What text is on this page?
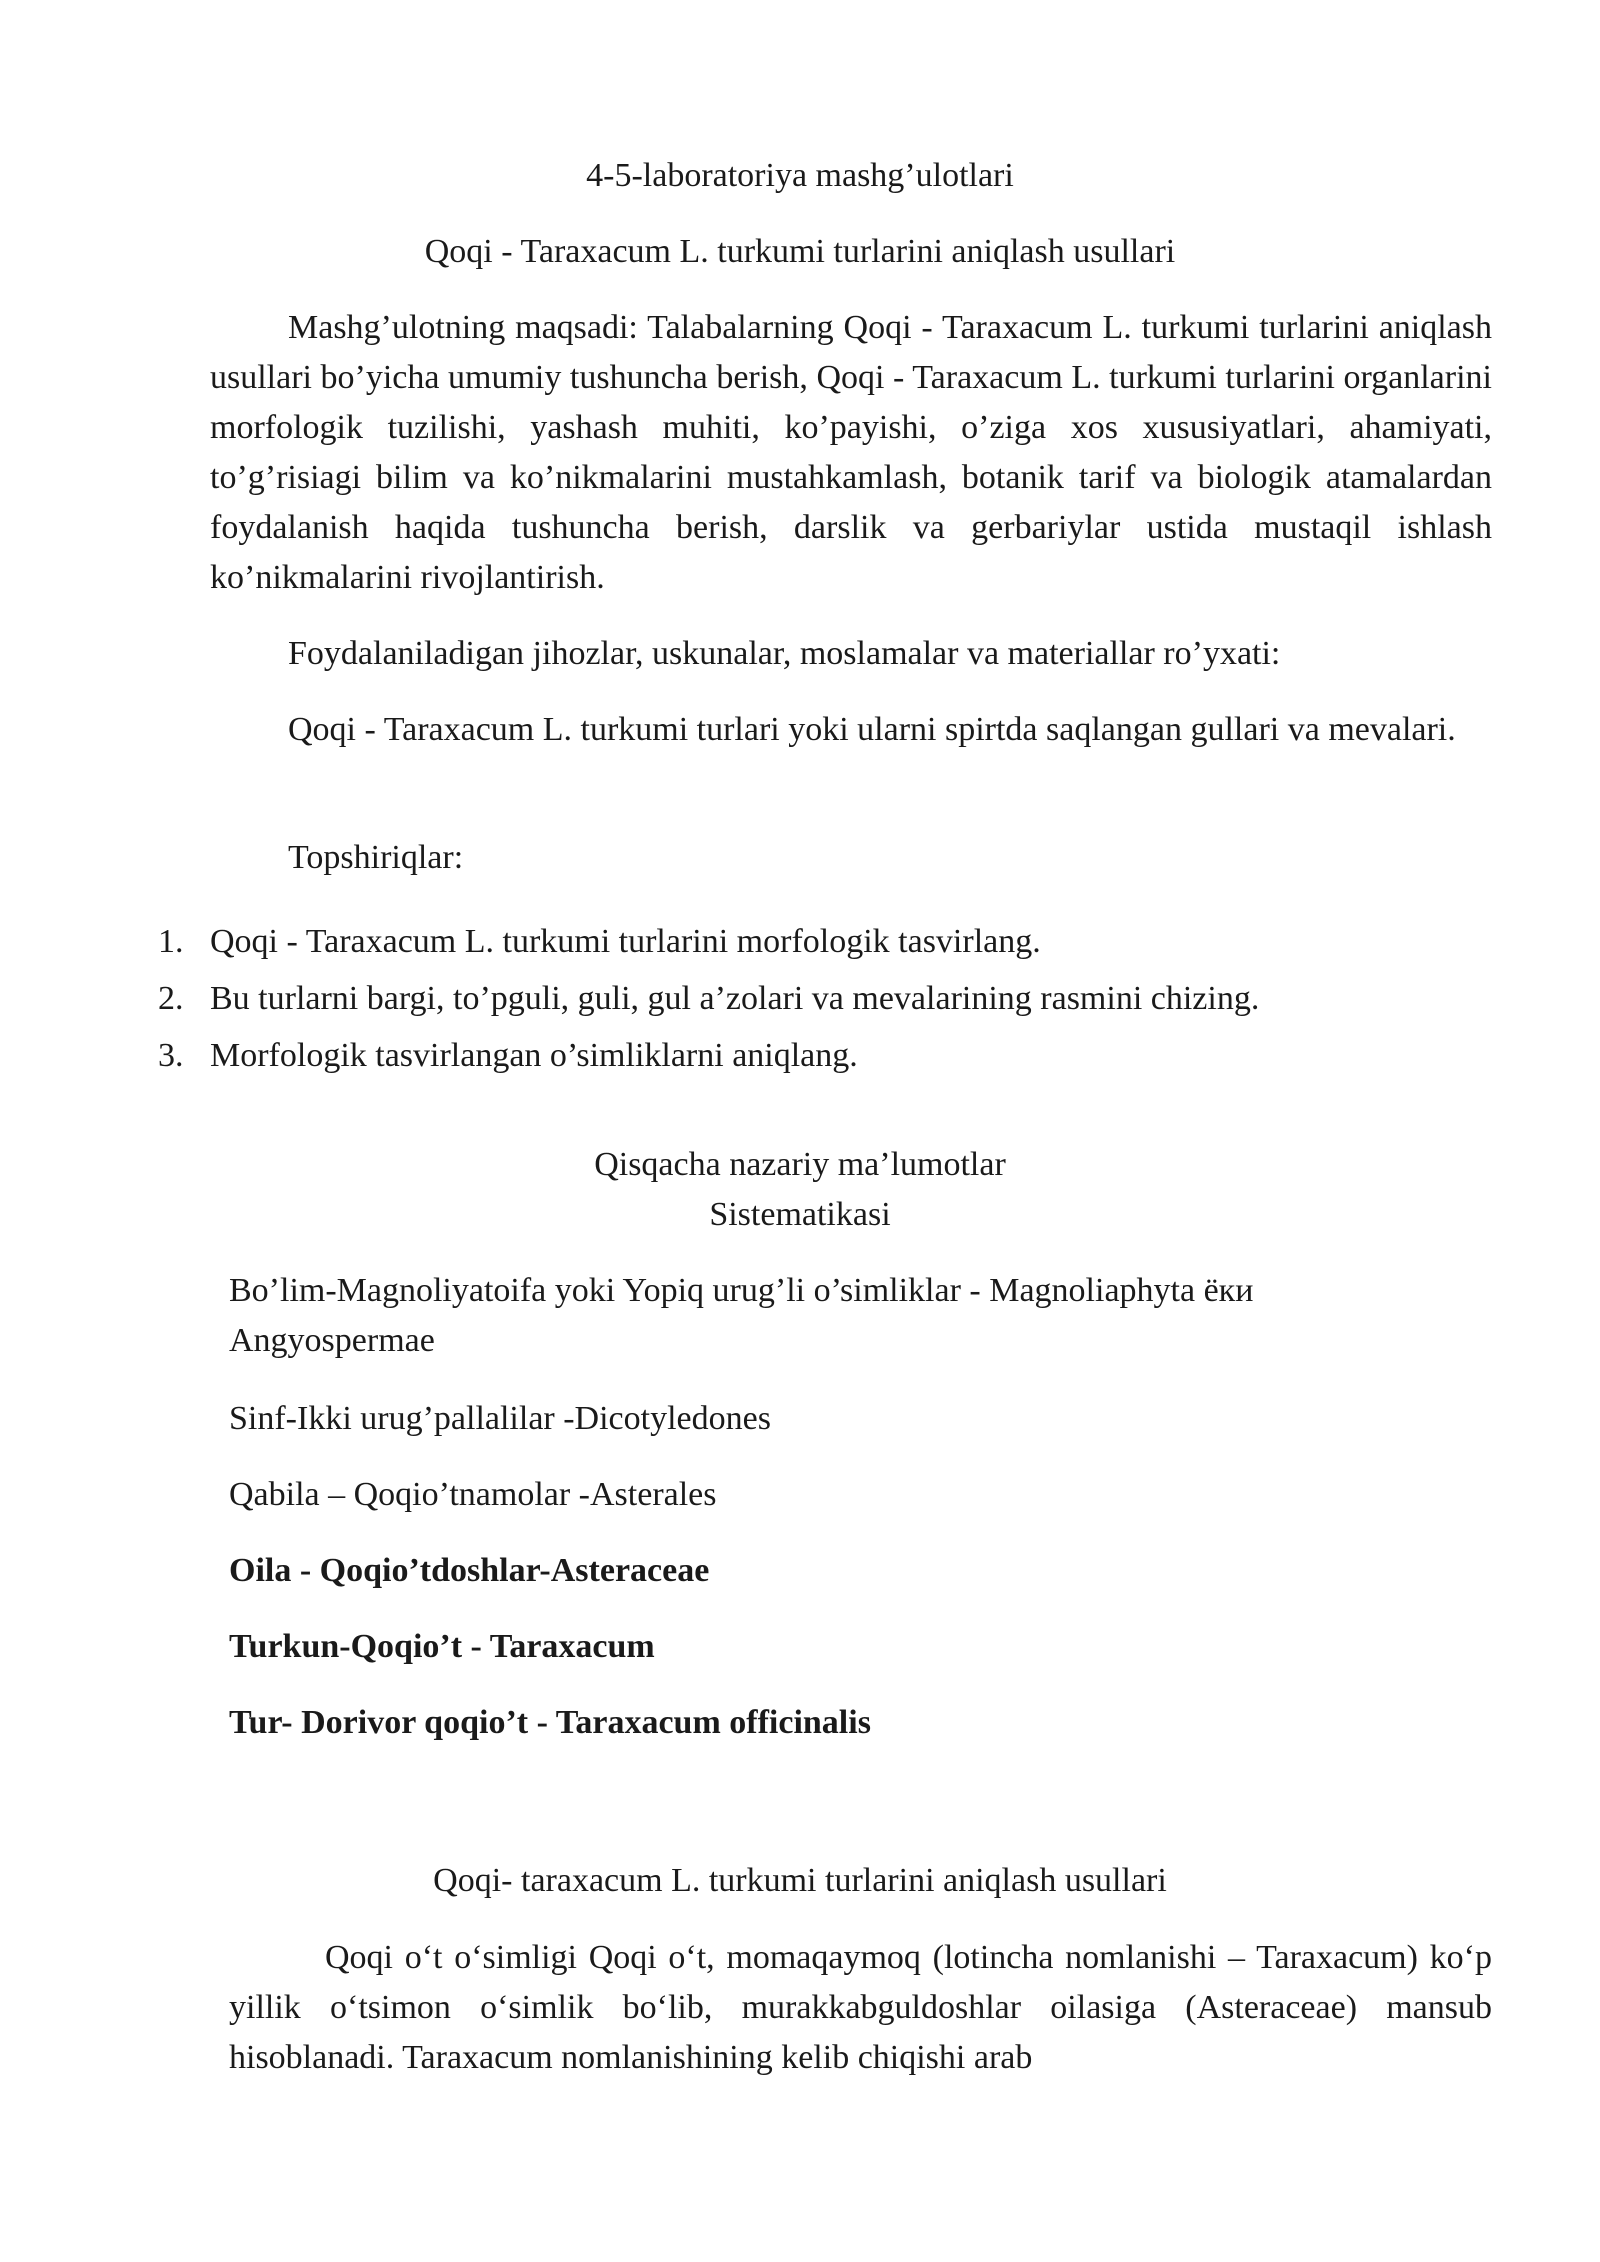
4-5-laboratoriya mashg’ulotlari
Qoqi - Taraxacum L. turkumi turlarini aniqlash usullari
Mashg’ulotning maqsadi: Talabalarning Qoqi - Taraxacum L. turkumi turlarini aniqlash usullari bo’yicha umumiy tushuncha berish, Qoqi - Taraxacum L. turkumi turlarini organlarini morfologik tuzilishi, yashash muhiti, ko’payishi, o’ziga xos xususiyatlari, ahamiyati, to’g’risiagi bilim va ko’nikmalarini mustahkamlash, botanik tarif va biologik atamalardan foydalanish haqida tushuncha berish, darslik va gerbariylar ustida mustaqil ishlash ko’nikmalarini rivojlantirish.
Foydalaniladigan jihozlar, uskunalar, moslamalar va materiallar ro’yxati:
Qoqi - Taraxacum L. turkumi turlari yoki ularni spirtda saqlangan gullari va mevalari.
Topshiriqlar:
1. Qoqi - Taraxacum L. turkumi turlarini morfologik tasvirlang.
2. Bu turlarni bargi, to’pguli, guli, gul a’zolari va mevalarining rasmini chizing.
3. Morfologik tasvirlangan o’simliklarni aniqlang.
Qisqacha nazariy ma’lumotlar
Sistematikasi
Bo’lim-Magnoliyatoifa yoki Yopiq urug’li o’simliklar - Magnoliaphyta ёки Angyospermae
Sinf-Ikki urug’pallalilar -Dicotyledones
Qabila – Qoqio’tnamolar -Asterales
Oila - Qoqio’tdoshlar-Asteraceae
Turkun-Qoqio’t - Taraxacum
Tur- Dorivor qoqio’t - Taraxacum officinalis
Qoqi- taraxacum L. turkumi turlarini aniqlash usullari
Qoqi o‘t o‘simligi Qoqi o‘t, momaqaymoq (lotincha nomlanishi – Taraxacum) ko‘p yillik o‘tsimon o‘simlik bo‘lib, murakkabguldoshlar oilasiga (Asteraceae) mansub hisoblanadi. Taraxacum nomlanishining kelib chiqishi arab
